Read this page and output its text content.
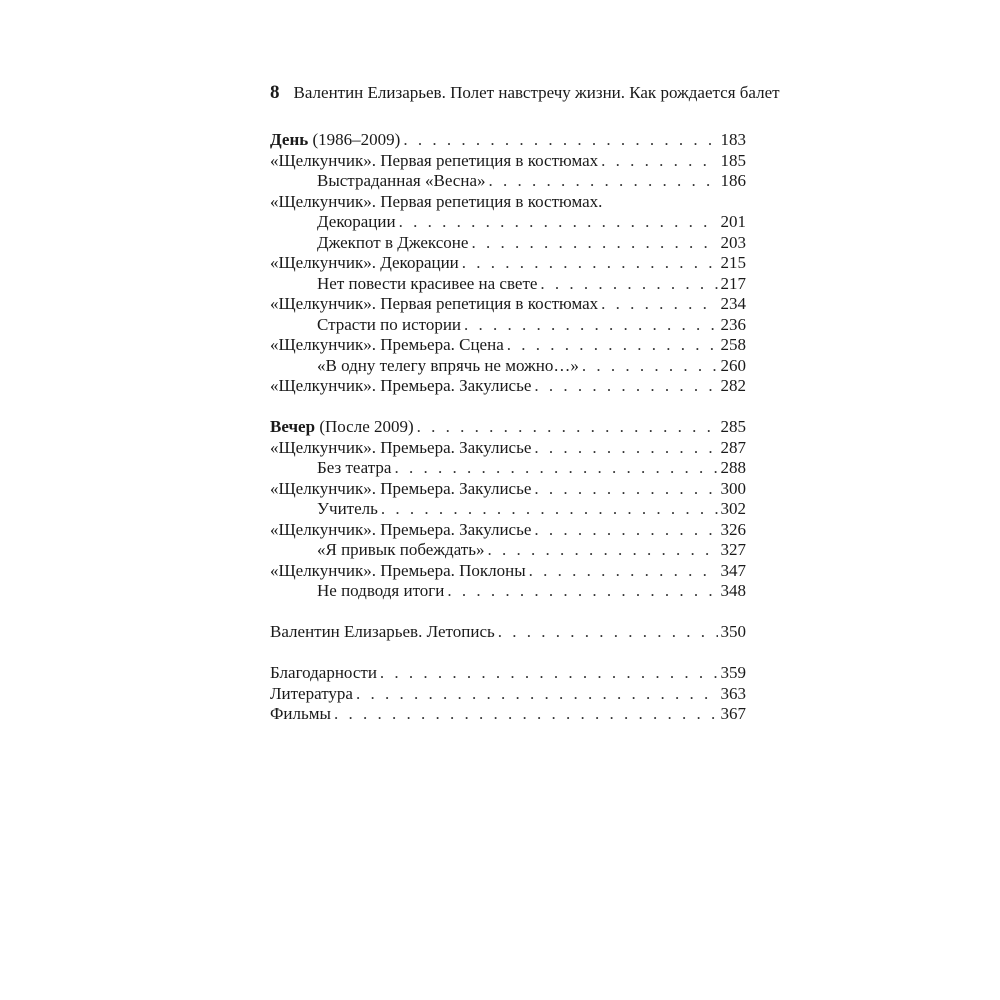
8 Валентин Елизарьев. Полет навстречу жизни. Как рождается балет
День (1986–2009) . . .	183
«Щелкунчик». Первая репетиция в костюмах . . .	185
Выстраданная «Весна» . . .	186
«Щелкунчик». Первая репетиция в костюмах.
Декорации . . .	201
Джекпот в Джексоне . . .	203
«Щелкунчик». Декорации . . .	215
Нет повести красивее на свете . . .	217
«Щелкунчик». Первая репетиция в костюмах . . .	234
Страсти по истории . . .	236
«Щелкунчик». Премьера. Сцена . . .	258
«В одну телегу впрячь не можно…» . . .	260
«Щелкунчик». Премьера. Закулисье . . .	282
Вечер (После 2009) . . .	285
«Щелкунчик». Премьера. Закулисье . . .	287
Без театра . . .	288
«Щелкунчик». Премьера. Закулисье . . .	300
Учитель . . .	302
«Щелкунчик». Премьера. Закулисье . . .	326
«Я привык побеждать» . . .	327
«Щелкунчик». Премьера. Поклоны . . .	347
Не подводя итоги . . .	348
Валентин Елизарьев. Летопись . . .	350
Благодарности . . .	359
Литература . . .	363
Фильмы . . .	367
